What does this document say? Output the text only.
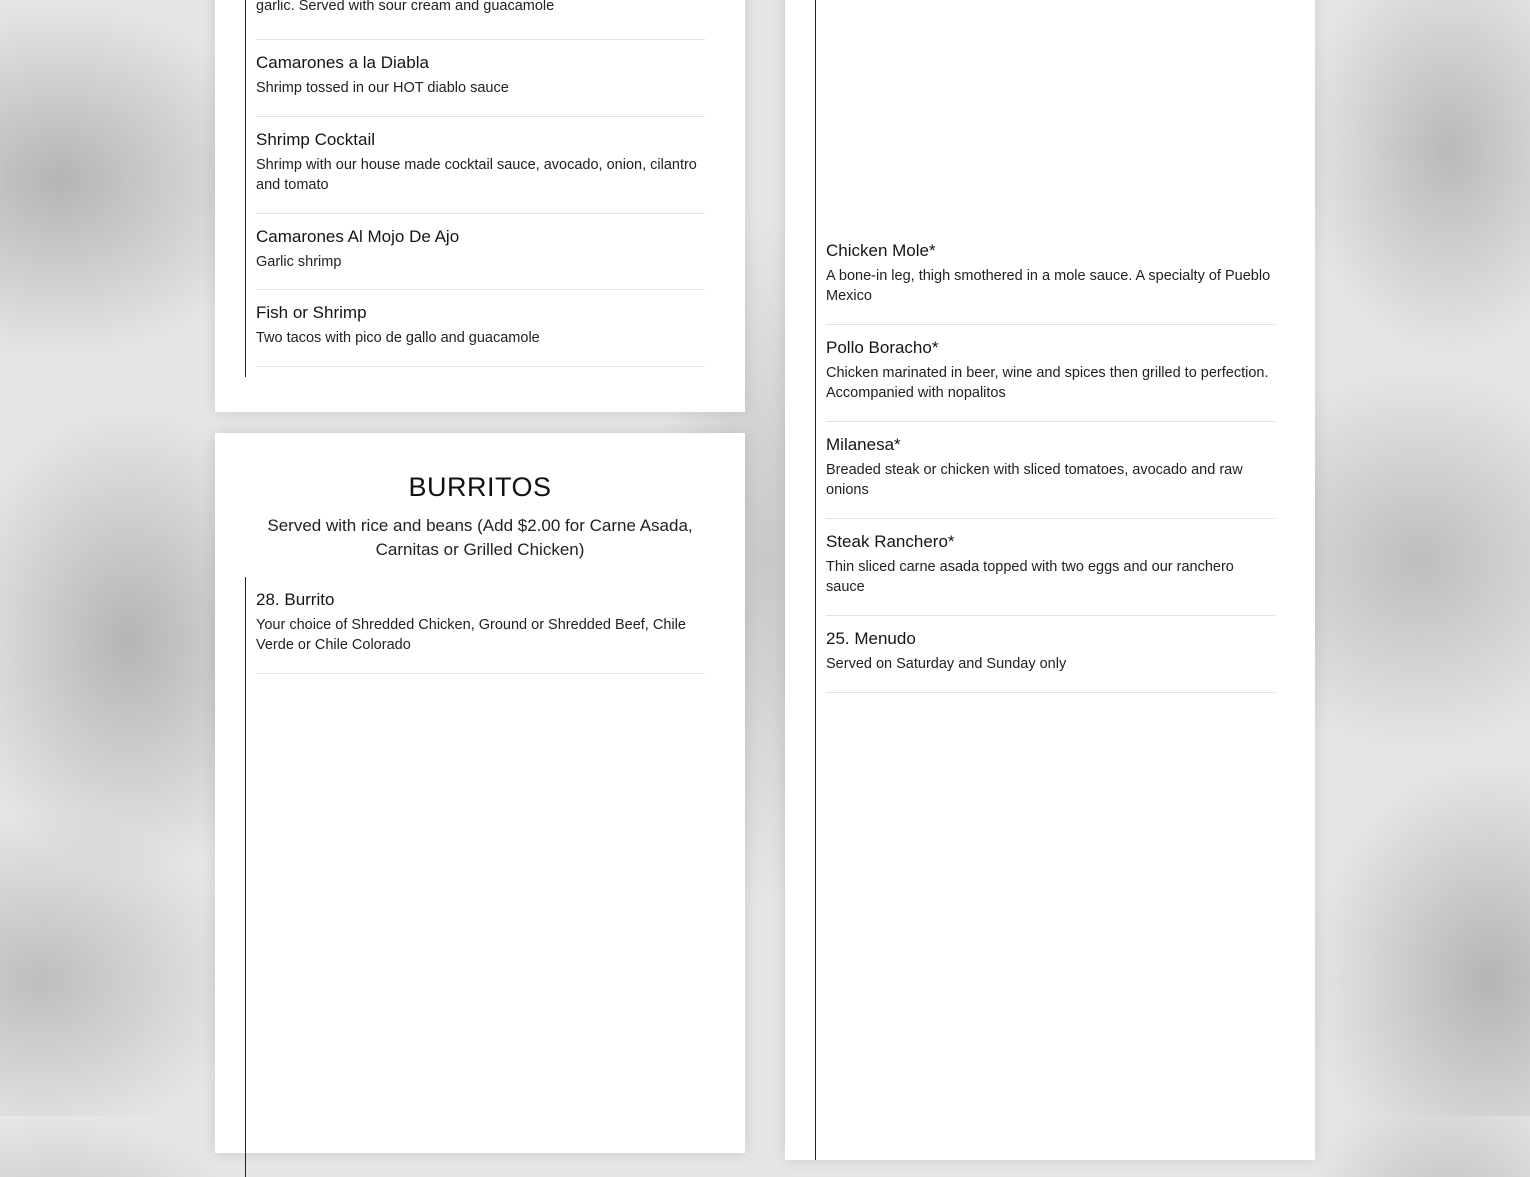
garlic. Served with sour cream and guacamole
Camarones a la Diabla
Shrimp tossed in our HOT diablo sauce
Shrimp Cocktail
Shrimp with our house made cocktail sauce, avocado, onion, cilantro and tomato
Camarones Al Mojo De Ajo
Garlic shrimp
Fish or Shrimp
Two tacos with pico de gallo and guacamole
BURRITOS
Served with rice and beans (Add $2.00 for Carne Asada, Carnitas or Grilled Chicken)
28. Burrito
Your choice of Shredded Chicken, Ground or Shredded Beef, Chile Verde or Chile Colorado
Chicken Mole*
A bone-in leg, thigh smothered in a mole sauce. A specialty of Pueblo Mexico
Pollo Boracho*
Chicken marinated in beer, wine and spices then grilled to perfection. Accompanied with nopalitos
Milanesa*
Breaded steak or chicken with sliced tomatoes, avocado and raw onions
Steak Ranchero*
Thin sliced carne asada topped with two eggs and our ranchero sauce
25. Menudo
Served on Saturday and Sunday only
